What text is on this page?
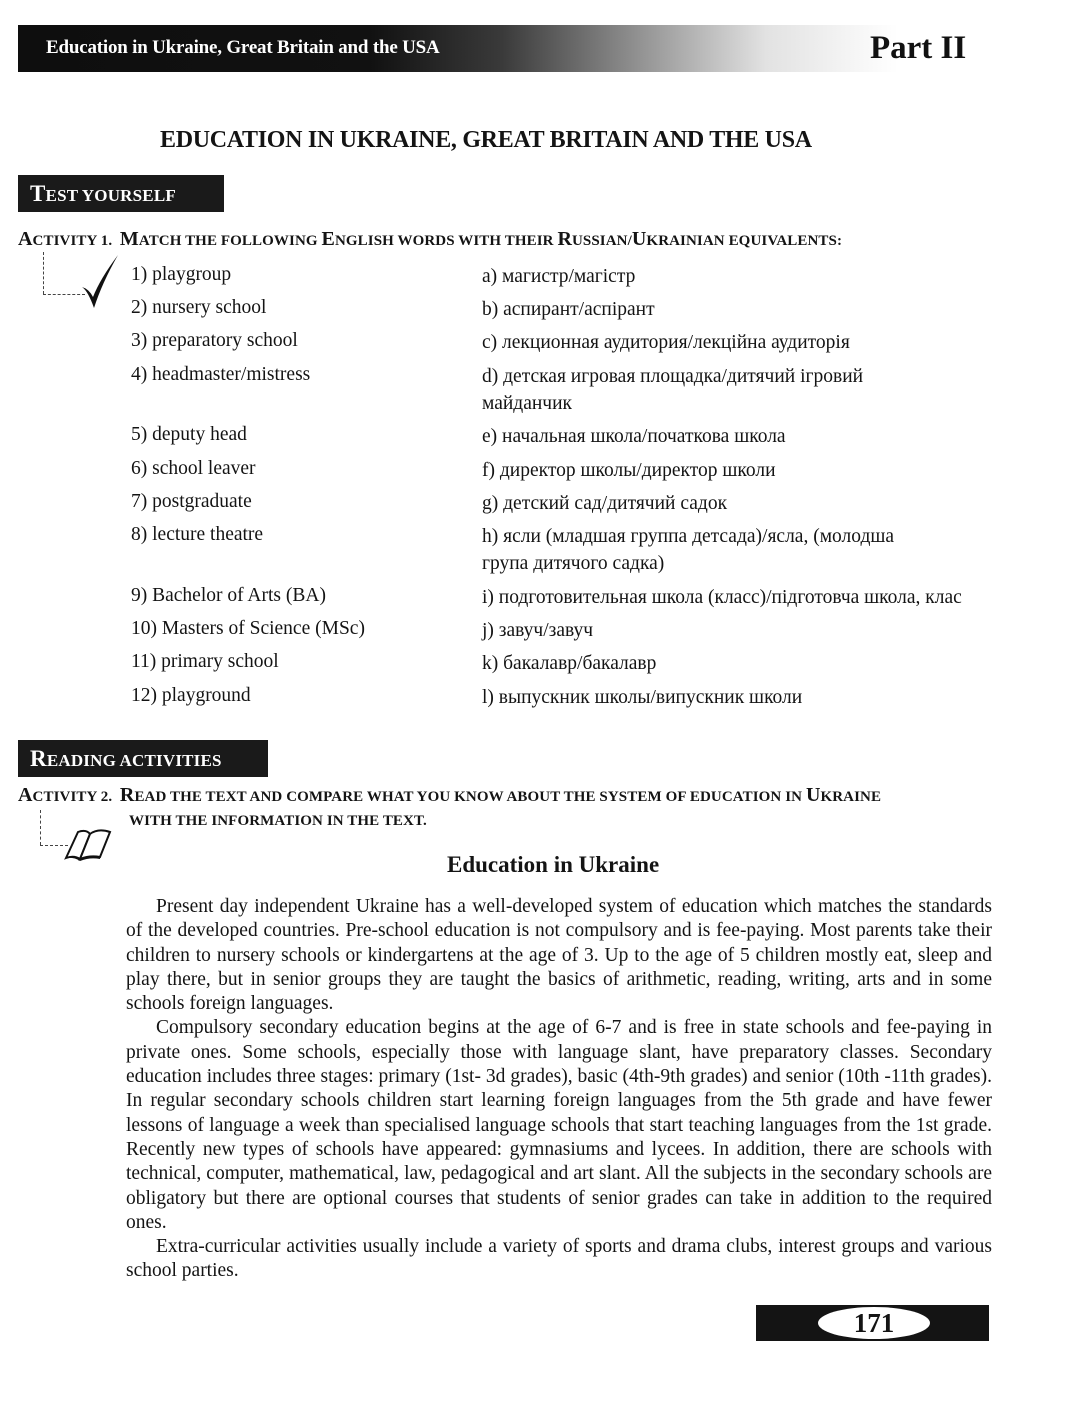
Education in Ukraine, Great Britain and the USA	Part II
EDUCATION IN UKRAINE, GREAT BRITAIN AND THE USA
TEST YOURSELF
ACTIVITY 1. MATCH THE FOLLOWING ENGLISH WORDS WITH THEIR RUSSIAN/UKRAINIAN EQUIVALENTS:
1) playgroup
2) nursery school
3) preparatory school
4) headmaster/mistress
5) deputy head
6) school leaver
7) postgraduate
8) lecture theatre
9) Bachelor of Arts (BA)
10) Masters of Science (MSc)
11) primary school
12) playground
a) магистр/магістр
b) аспирант/аспірант
c) лекционная аудитория/лекційна аудиторія
d) детская игровая площадка/дитячий ігровий
майданчик
e) начальная школа/початкова школа
f) директор школы/директор школи
g) детский сад/дитячий садок
h) ясли (младшая группа детсада)/ясла, (молодша
група дитячого садка)
i) подготовительная школа (класс)/підготовча школа, клас
j) завуч/завуч
k) бакалавр/бакалавр
l) выпускник школы/випускник школи
READING ACTIVITIES
ACTIVITY 2. READ THE TEXT AND COMPARE WHAT YOU KNOW ABOUT THE SYSTEM OF EDUCATION IN UKRAINE
WITH THE INFORMATION IN THE TEXT.
Education in Ukraine

Present day independent Ukraine has a well-developed system of education which matches the standards of the developed countries. Pre-school education is not compulsory and is fee-paying. Most parents take their children to nursery schools or kindergartens at the age of 3. Up to the age of 5 children mostly eat, sleep and play there, but in senior groups they are taught the basics of arithmetic, reading, writing, arts and in some schools foreign languages.

Compulsory secondary education begins at the age of 6-7 and is free in state schools and fee-paying in private ones. Some schools, especially those with language slant, have preparatory classes. Secondary education includes three stages: primary (1st- 3d grades), basic (4th-9th grades) and senior (10th -11th grades). In regular secondary schools children start learning foreign languages from the 5th grade and have fewer lessons of language a week than specialised language schools that start teaching languages from the 1st grade. Recently new types of schools have appeared: gymnasiums and lycees. In addition, there are schools with technical, computer, mathematical, law, pedagogical and art slant. All the subjects in the secondary schools are obligatory but there are optional courses that students of senior grades can take in addition to the required ones.

Extra-curricular activities usually include a variety of sports and drama clubs, interest groups and various school parties.

171
